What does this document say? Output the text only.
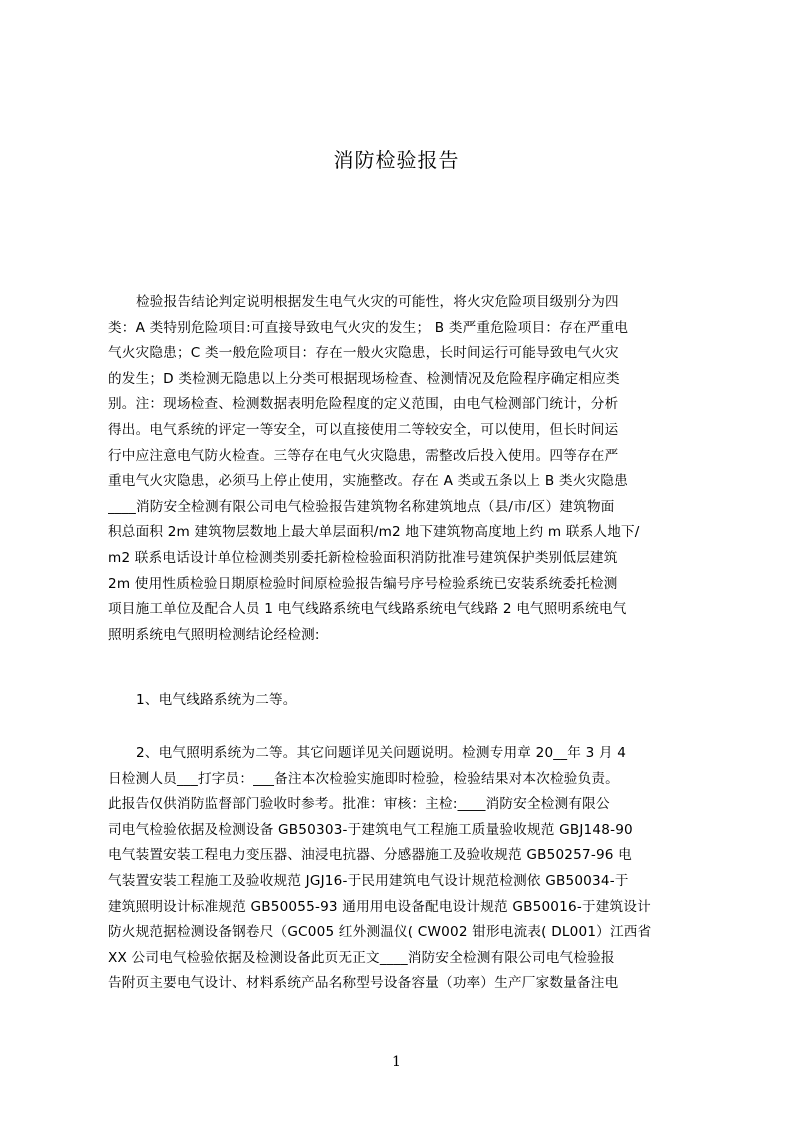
消防检验报告
检验报告结论判定说明根据发生电气火灾的可能性，将火灾危险项目级别分为四
类：A 类特别危险项目:可直接导致电气火灾的发生； B 类严重危险项目：存在严重电
气火灾隐患；C 类一般危险项目：存在一般火灾隐患，长时间运行可能导致电气火灾
的发生；D 类检测无隐患以上分类可根据现场检查、检测情况及危险程序确定相应类
别。注：现场检查、检测数据表明危险程度的定义范围，由电气检测部门统计，分析
得出。电气系统的评定一等安全，可以直接使用二等较安全，可以使用，但长时间运
行中应注意电气防火检查。三等存在电气火灾隐患，需整改后投入使用。四等存在严
重电气火灾隐患，必须马上停止使用，实施整改。存在 A 类或五条以上 B 类火灾隐患
____消防安全检测有限公司电气检验报告建筑物名称建筑地点（县/市/区）建筑物面
积总面积 2m 建筑物层数地上最大单层面积/m2 地下建筑物高度地上约 m 联系人地下/
m2 联系电话设计单位检测类别委托新检检验面积消防批准号建筑保护类别低层建筑
2m 使用性质检验日期原检验时间原检验报告编号序号检验系统已安装系统委托检测
项目施工单位及配合人员 1 电气线路系统电气线路系统电气线路 2 电气照明系统电气
照明系统电气照明检测结论经检测:
1、电气线路系统为二等。
2、电气照明系统为二等。其它问题详见关问题说明。检测专用章 20__年 3 月 4
日检测人员___打字员：___备注本次检验实施即时检验，检验结果对本次检验负责。
此报告仅供消防监督部门验收时参考。批准：审核：主检:____消防安全检测有限公
司电气检验依据及检测设备 GB50303-于建筑电气工程施工质量验收规范 GBJ148-90
电气装置安装工程电力变压器、油浸电抗器、分感器施工及验收规范 GB50257-96 电
气装置安装工程施工及验收规范 JGJ16-于民用建筑电气设计规范检测依 GB50034-于
建筑照明设计标准规范 GB50055-93 通用用电设备配电设计规范 GB50016-于建筑设计
防火规范据检测设备钢卷尺（GC005 红外测温仪( CW002 钳形电流表( DL001）江西省
XX 公司电气检验依据及检测设备此页无正文____消防安全检测有限公司电气检验报
告附页主要电气设计、材料系统产品名称型号设备容量（功率）生产厂家数量备注电
1
